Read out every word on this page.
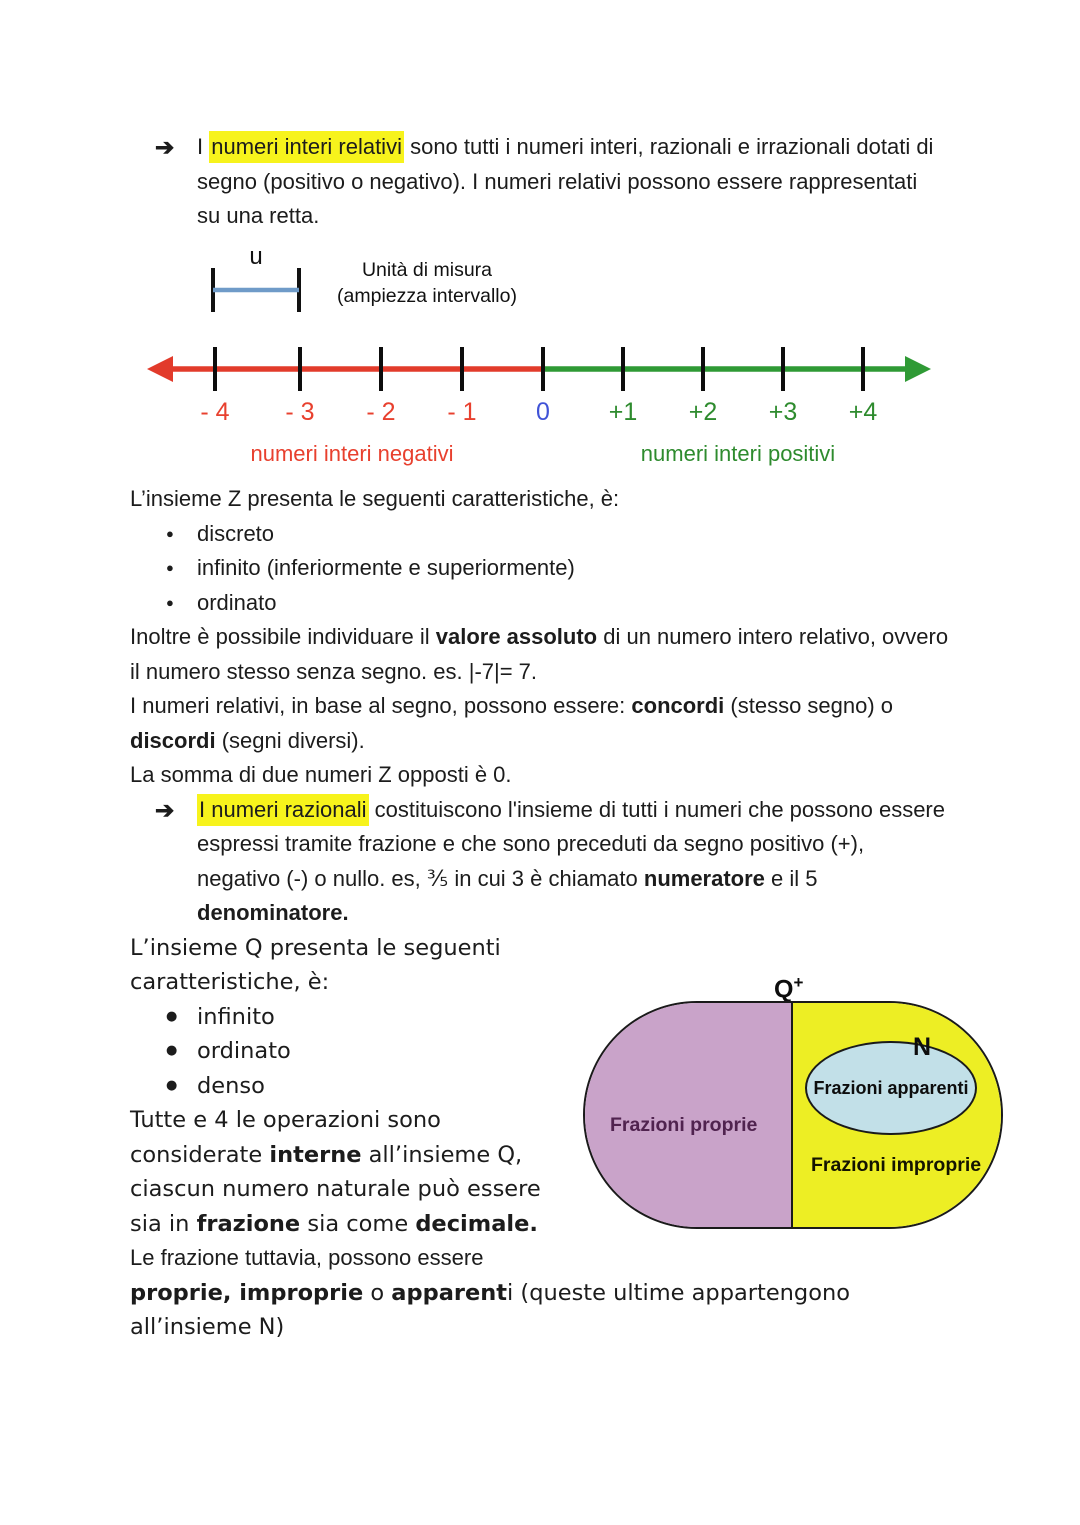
➔ I numeri interi relativi sono tutti i numeri interi, razionali e irrazionali dotati di segno (positivo o negativo). I numeri relativi possono essere rappresentati su una retta.

u	Unità di misura
(ampiezza intervallo)
- 4 - 3 - 2 - 1 0 +1 +2 +3 +4
numeri interi negativi	numeri interi positivi

L’insieme Z presenta le seguenti caratteristiche, è:

● discreto
● infinito (inferiormente e superiormente)
● ordinato

Inoltre è possibile individuare il valore assoluto di un numero intero relativo, ovvero il numero stesso senza segno. es. |-7|= 7.

I numeri relativi, in base al segno, possono essere: concordi (stesso segno) o discordi (segni diversi).

La somma di due numeri Z opposti è 0.

➔ I numeri razionali costituiscono l'insieme di tutti i numeri che possono essere espressi tramite frazione e che sono preceduti da segno positivo (+), negativo (-) o nullo. es, ⅗ in cui 3 è chiamato numeratore e il 5 denominatore.

L’insieme Q presenta le seguenti caratteristiche, è:

● infinito
● ordinato
● denso

Tutte e 4 le operazioni sono considerate interne all’insieme Q, ciascun numero naturale può essere sia in frazione sia come decimale.

Le frazione tuttavia, possono essere

proprie, improprie o apparenti (queste ultime appartengono all’insieme N)

Q+
Frazioni apparenti
N
Frazioni proprie
Frazioni improprie
